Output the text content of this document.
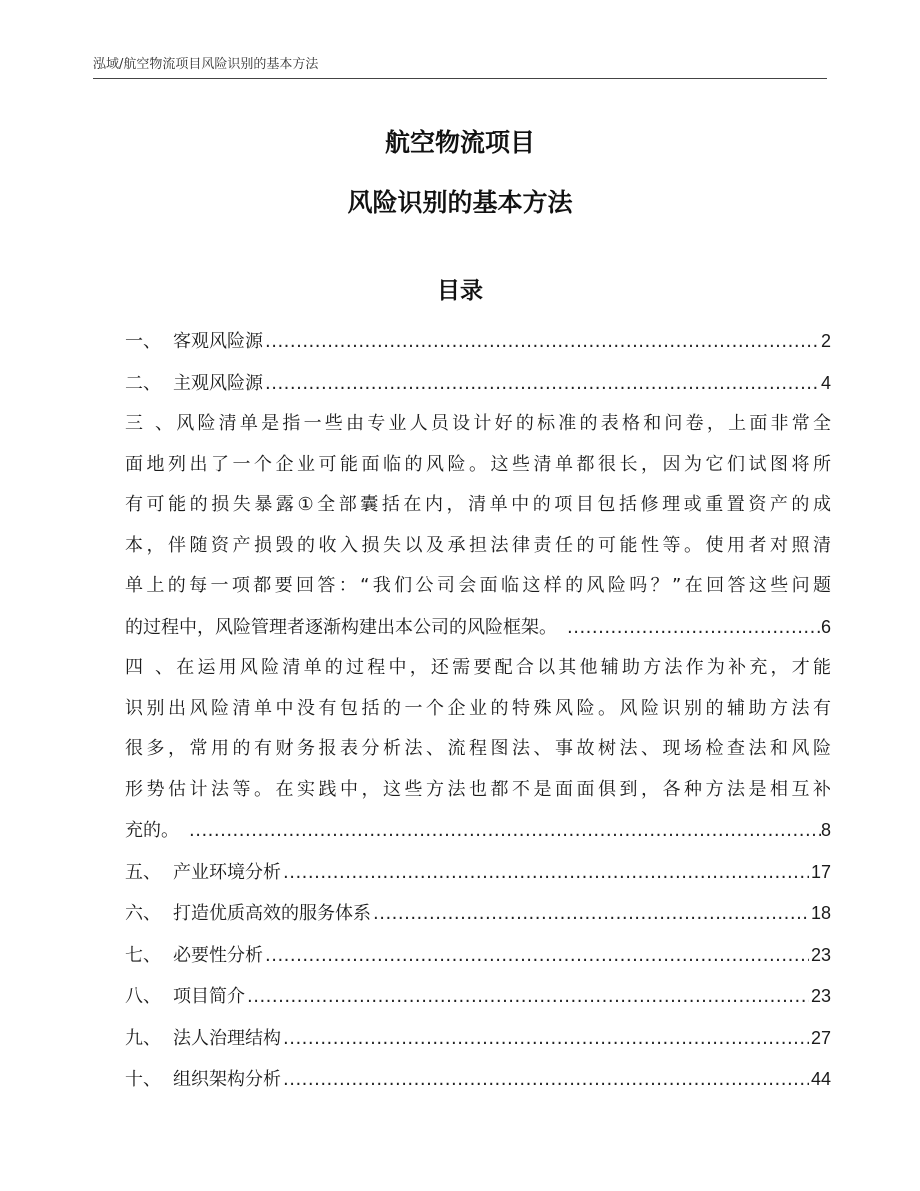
泓域/航空物流项目风险识别的基本方法
航空物流项目
风险识别的基本方法
目录
一、 客观风险源 .....	2
二、 主观风险源 .....	4
三、风险清单是指一些由专业人员设计好的标准的表格和问卷，上面非常全
面地列出了一个企业可能面临的风险。这些清单都很长，因为它们试图将所
有可能的损失暴露①全部囊括在内，清单中的项目包括修理或重置资产的成
本，伴随资产损毁的收入损失以及承担法律责任的可能性等。使用者对照清
单上的每一项都要回答：“我们公司会面临这样的风险吗？”在回答这些问题
的过程中，风险管理者逐渐构建出本公司的风险框架。 .....	6
四、在运用风险清单的过程中，还需要配合以其他辅助方法作为补充，才能
识别出风险清单中没有包括的一个企业的特殊风险。风险识别的辅助方法有
很多，常用的有财务报表分析法、流程图法、事故树法、现场检查法和风险
形势估计法等。在实践中，这些方法也都不是面面俱到，各种方法是相互补
充的。 .....	8
五、 产业环境分析 .....	17
六、 打造优质高效的服务体系 .....	18
七、 必要性分析 .....	23
八、 项目简介 .....	23
九、 法人治理结构 .....	27
十、 组织架构分析 .....	44
